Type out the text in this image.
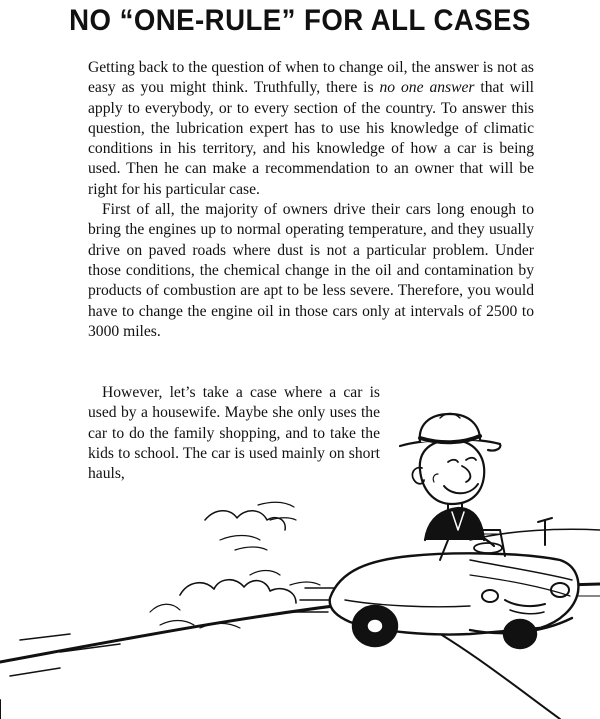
NO “ONE-RULE” FOR ALL CASES

Getting back to the question of when to change oil, the answer is not as easy as you might think. Truthfully, there is no one answer that will apply to everybody, or to every section of the country. To answer this question, the lubrication expert has to use his knowledge of climatic conditions in his territory, and his knowledge of how a car is being used. Then he can make a recommendation to an owner that will be right for his particular case.

First of all, the majority of owners drive their cars long enough to bring the engines up to normal operating temperature, and they usually drive on paved roads where dust is not a particular problem. Under those conditions, the chemical change in the oil and contamination by products of combustion are apt to be less severe. Therefore, you would have to change the engine oil in those cars only at intervals of 2500 to 3000 miles.

However, let’s take a case where a car is used by a housewife. Maybe she only uses the car to do the family shopping, and to take the kids to school. The car is used mainly on short hauls,
